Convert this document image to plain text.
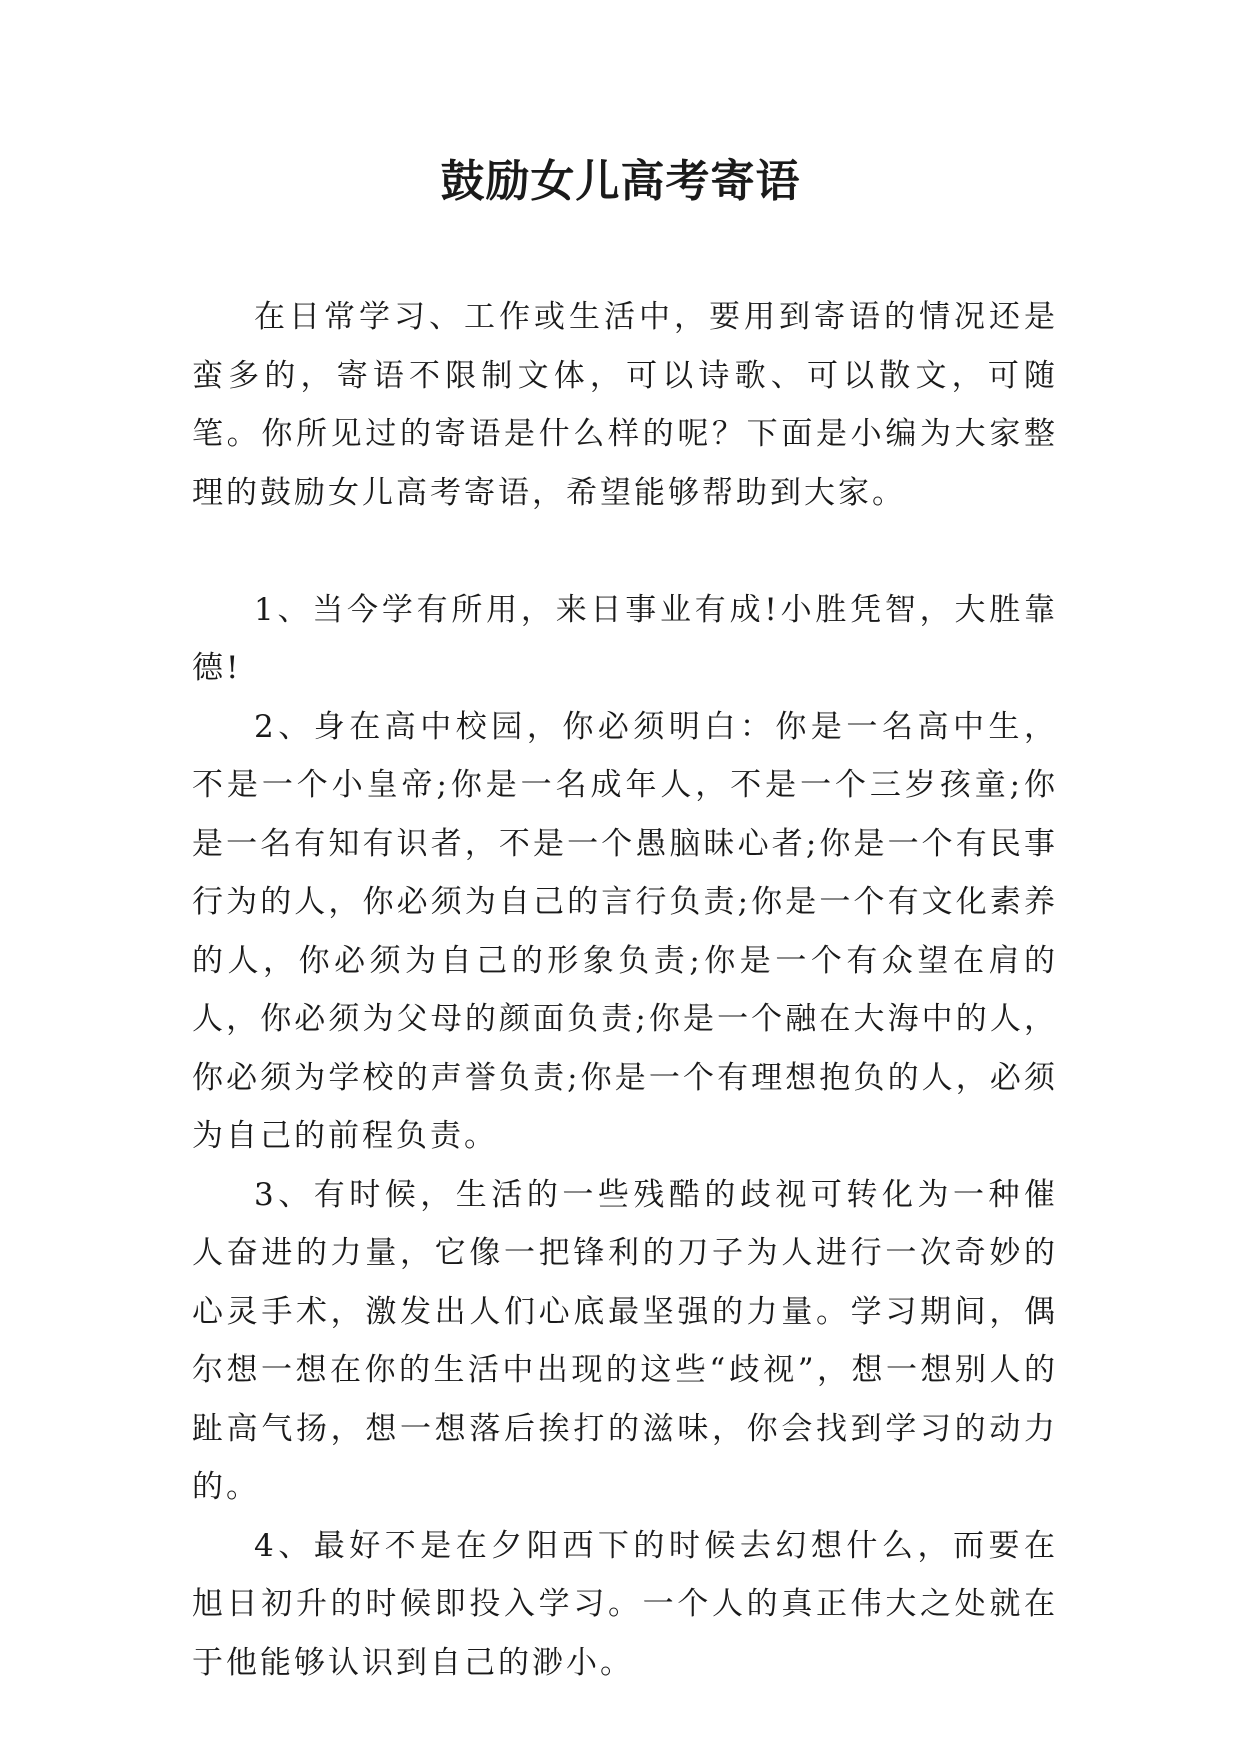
鼓励女儿高考寄语

在日常学习、工作或生活中，要用到寄语的情况还是蛮多的，寄语不限制文体，可以诗歌、可以散文，可随笔。你所见过的寄语是什么样的呢？下面是小编为大家整理的鼓励女儿高考寄语，希望能够帮助到大家。

1、当今学有所用，来日事业有成!小胜凭智，大胜靠德!

2、身在高中校园，你必须明白：你是一名高中生，不是一个小皇帝;你是一名成年人，不是一个三岁孩童;你是一名有知有识者，不是一个愚脑昧心者;你是一个有民事行为的人，你必须为自己的言行负责;你是一个有文化素养的人，你必须为自己的形象负责;你是一个有众望在肩的人，你必须为父母的颜面负责;你是一个融在大海中的人，你必须为学校的声誉负责;你是一个有理想抱负的人，必须为自己的前程负责。

3、有时候，生活的一些残酷的歧视可转化为一种催人奋进的力量，它像一把锋利的刀子为人进行一次奇妙的心灵手术，激发出人们心底最坚强的力量。学习期间，偶尔想一想在你的生活中出现的这些“歧视”，想一想别人的趾高气扬，想一想落后挨打的滋味，你会找到学习的动力的。

4、最好不是在夕阳西下的时候去幻想什么，而要在旭日初升的时候即投入学习。一个人的真正伟大之处就在于他能够认识到自己的渺小。
